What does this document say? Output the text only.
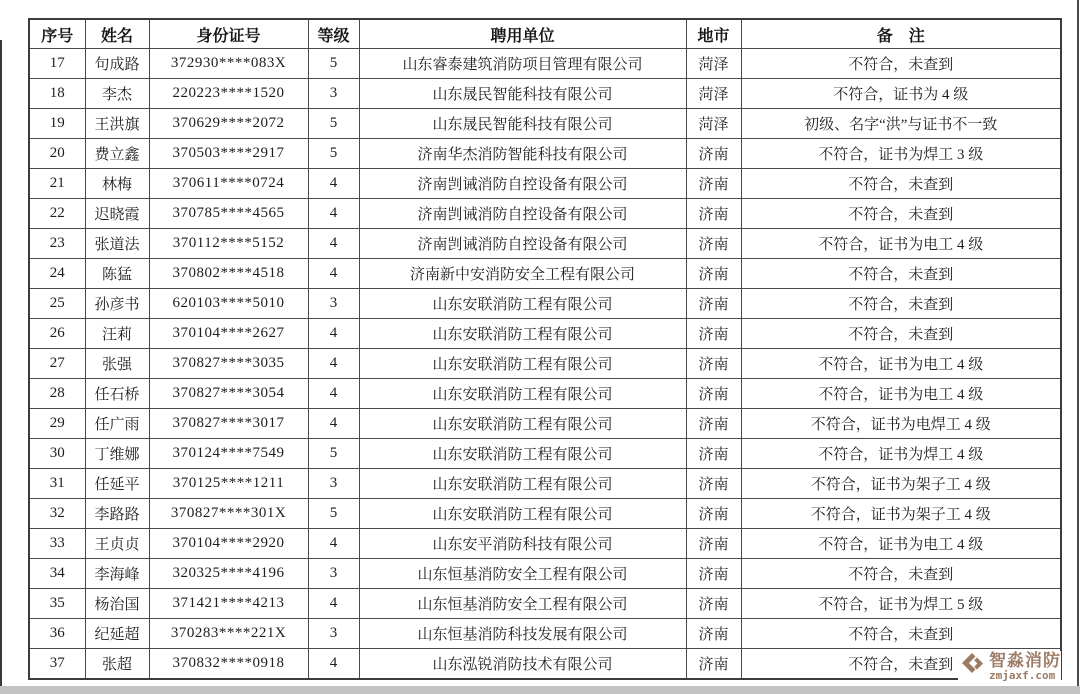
序号	姓名	身份证号	等级	聘用单位	地市	备　注
17	句成路	372930****083X	5	山东睿泰建筑消防项目管理有限公司	菏泽	不符合，未查到
18	李杰	220223****1520	3	山东晟民智能科技有限公司	菏泽	不符合，证书为 4 级
19	王洪旗	370629****2072	5	山东晟民智能科技有限公司	菏泽	初级、名字“洪”与证书不一致
20	费立鑫	370503****2917	5	济南华杰消防智能科技有限公司	济南	不符合，证书为焊工 3 级
21	林梅	370611****0724	4	济南剀诫消防自控设备有限公司	济南	不符合，未查到
22	迟晓霞	370785****4565	4	济南剀诫消防自控设备有限公司	济南	不符合，未查到
23	张道法	370112****5152	4	济南剀诫消防自控设备有限公司	济南	不符合，证书为电工 4 级
24	陈猛	370802****4518	4	济南新中安消防安全工程有限公司	济南	不符合，未查到
25	孙彦书	620103****5010	3	山东安联消防工程有限公司	济南	不符合，未查到
26	汪莉	370104****2627	4	山东安联消防工程有限公司	济南	不符合，未查到
27	张强	370827****3035	4	山东安联消防工程有限公司	济南	不符合，证书为电工 4 级
28	任石桥	370827****3054	4	山东安联消防工程有限公司	济南	不符合，证书为电工 4 级
29	任广雨	370827****3017	4	山东安联消防工程有限公司	济南	不符合，证书为电焊工 4 级
30	丁维娜	370124****7549	5	山东安联消防工程有限公司	济南	不符合，证书为焊工 4 级
31	任延平	370125****1211	3	山东安联消防工程有限公司	济南	不符合，证书为架子工 4 级
32	李路路	370827****301X	5	山东安联消防工程有限公司	济南	不符合，证书为架子工 4 级
33	王贞贞	370104****2920	4	山东安平消防科技有限公司	济南	不符合，证书为电工 4 级
34	李海峰	320325****4196	3	山东恒基消防安全工程有限公司	济南	不符合，未查到
35	杨治国	371421****4213	4	山东恒基消防安全工程有限公司	济南	不符合，证书为焊工 5 级
36	纪延超	370283****221X	3	山东恒基消防科技发展有限公司	济南	不符合，未查到
37	张超	370832****0918	4	山东泓锐消防技术有限公司	济南	不符合，未查到 智淼消防
zmjaxf.com
